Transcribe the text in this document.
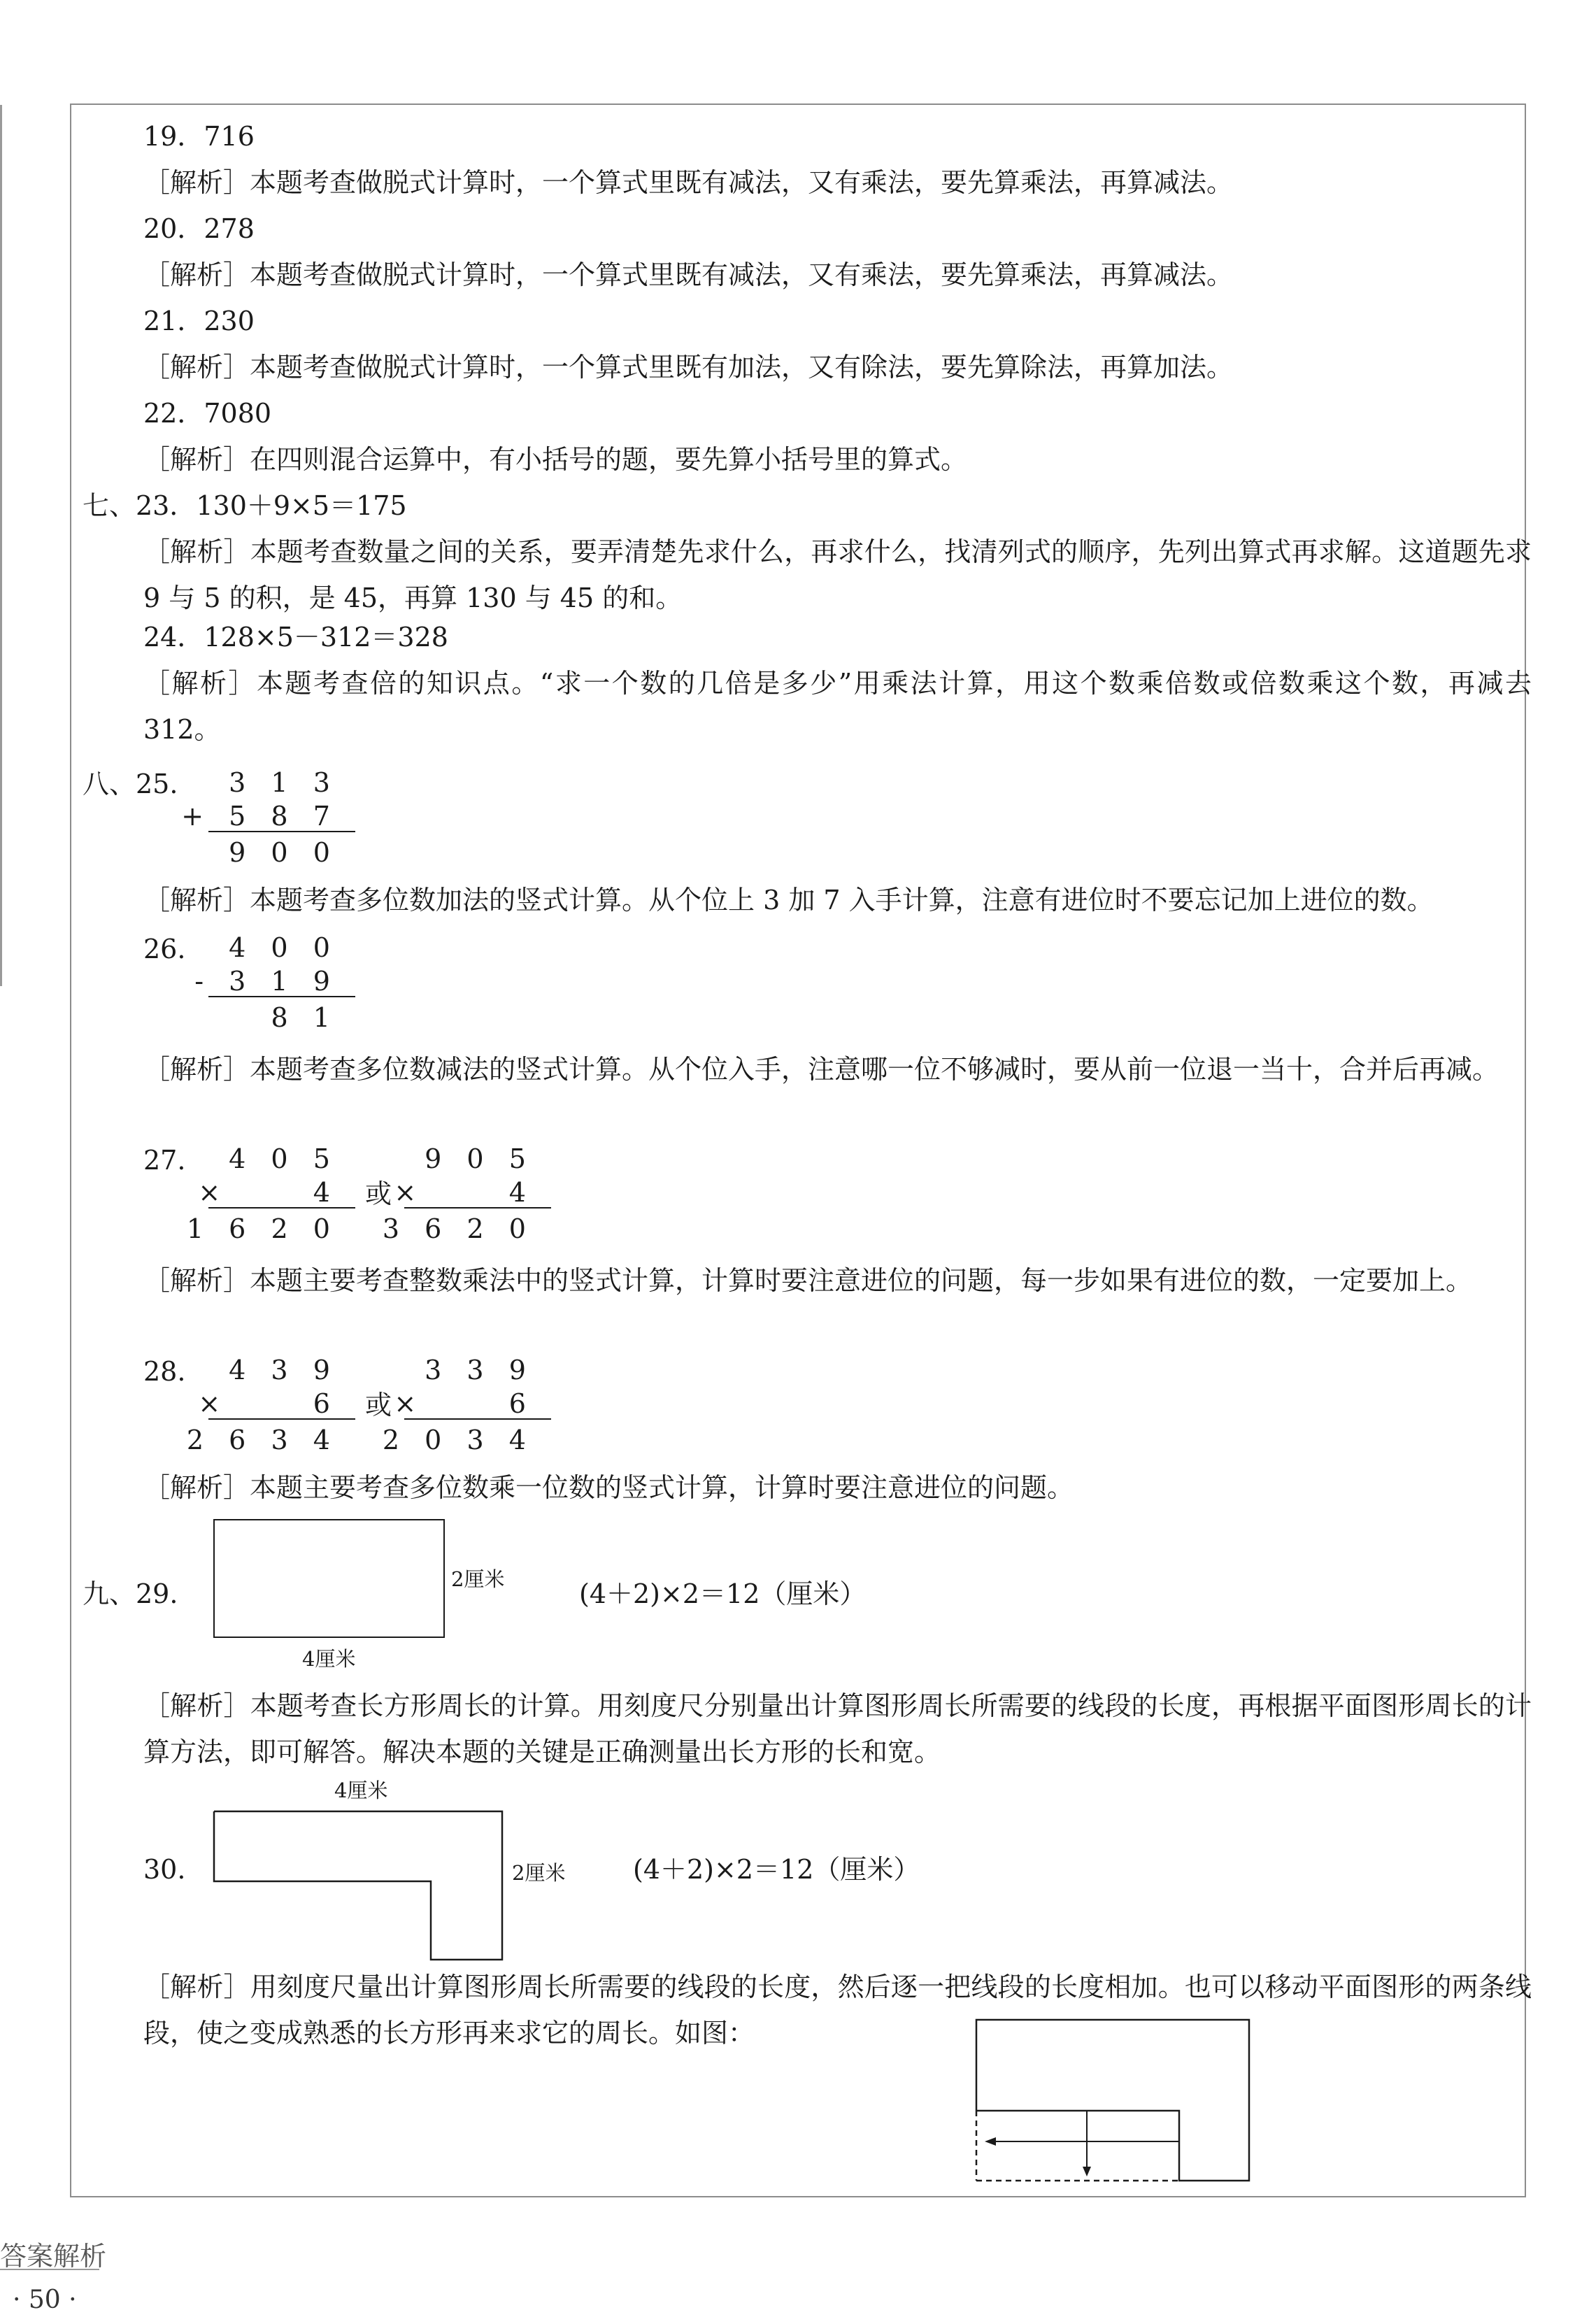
19．716
［解析］本题考查做脱式计算时，一个算式里既有减法，又有乘法，要先算乘法，再算减法。
20．278
［解析］本题考查做脱式计算时，一个算式里既有减法，又有乘法，要先算乘法，再算减法。
21．230
［解析］本题考查做脱式计算时，一个算式里既有加法，又有除法，要先算除法，再算加法。
22．7080
［解析］在四则混合运算中，有小括号的题，要先算小括号里的算式。
七、23．130＋9×5＝175
［解析］本题考查数量之间的关系，要弄清楚先求什么，再求什么，找清列式的顺序，先列出算式再求解。这道题先求 9 与 5 的积，是 45，再算 130 与 45 的和。
24．128×5－312＝328
［解析］本题考查倍的知识点。“求一个数的几倍是多少”用乘法计算，用这个数乘倍数或倍数乘这个数，再减去 312。
八、25. 313
+587
900
［解析］本题考查多位数加法的竖式计算。从个位上 3 加 7 入手计算，注意有进位时不要忘记加上进位的数。
26. 400
-319
81
［解析］本题考查多位数减法的竖式计算。从个位入手，注意哪一位不够减时，要从前一位退一当十，合并后再减。
27. 405
×  4
1620
或
905
×  4
3620
［解析］本题主要考查整数乘法中的竖式计算，计算时要注意进位的问题，每一步如果有进位的数，一定要加上。
28. 439
×  6
2634
或
339
×  6
2034
［解析］本题主要考查多位数乘一位数的竖式计算，计算时要注意进位的问题。
九、29.	2厘米
4厘米
(4＋2)×2＝12（厘米）
［解析］本题考查长方形周长的计算。用刻度尺分别量出计算图形周长所需要的线段的长度，再根据平面图形周长的计算方法，即可解答。解决本题的关键是正确测量出长方形的长和宽。
4厘米
30.	2厘米	(4＋2)×2＝12（厘米）
［解析］用刻度尺量出计算图形周长所需要的线段的长度，然后逐一把线段的长度相加。也可以移动平面图形的两条线段，使之变成熟悉的长方形再来求它的周长。如图：
答案解析
· 50 ·
